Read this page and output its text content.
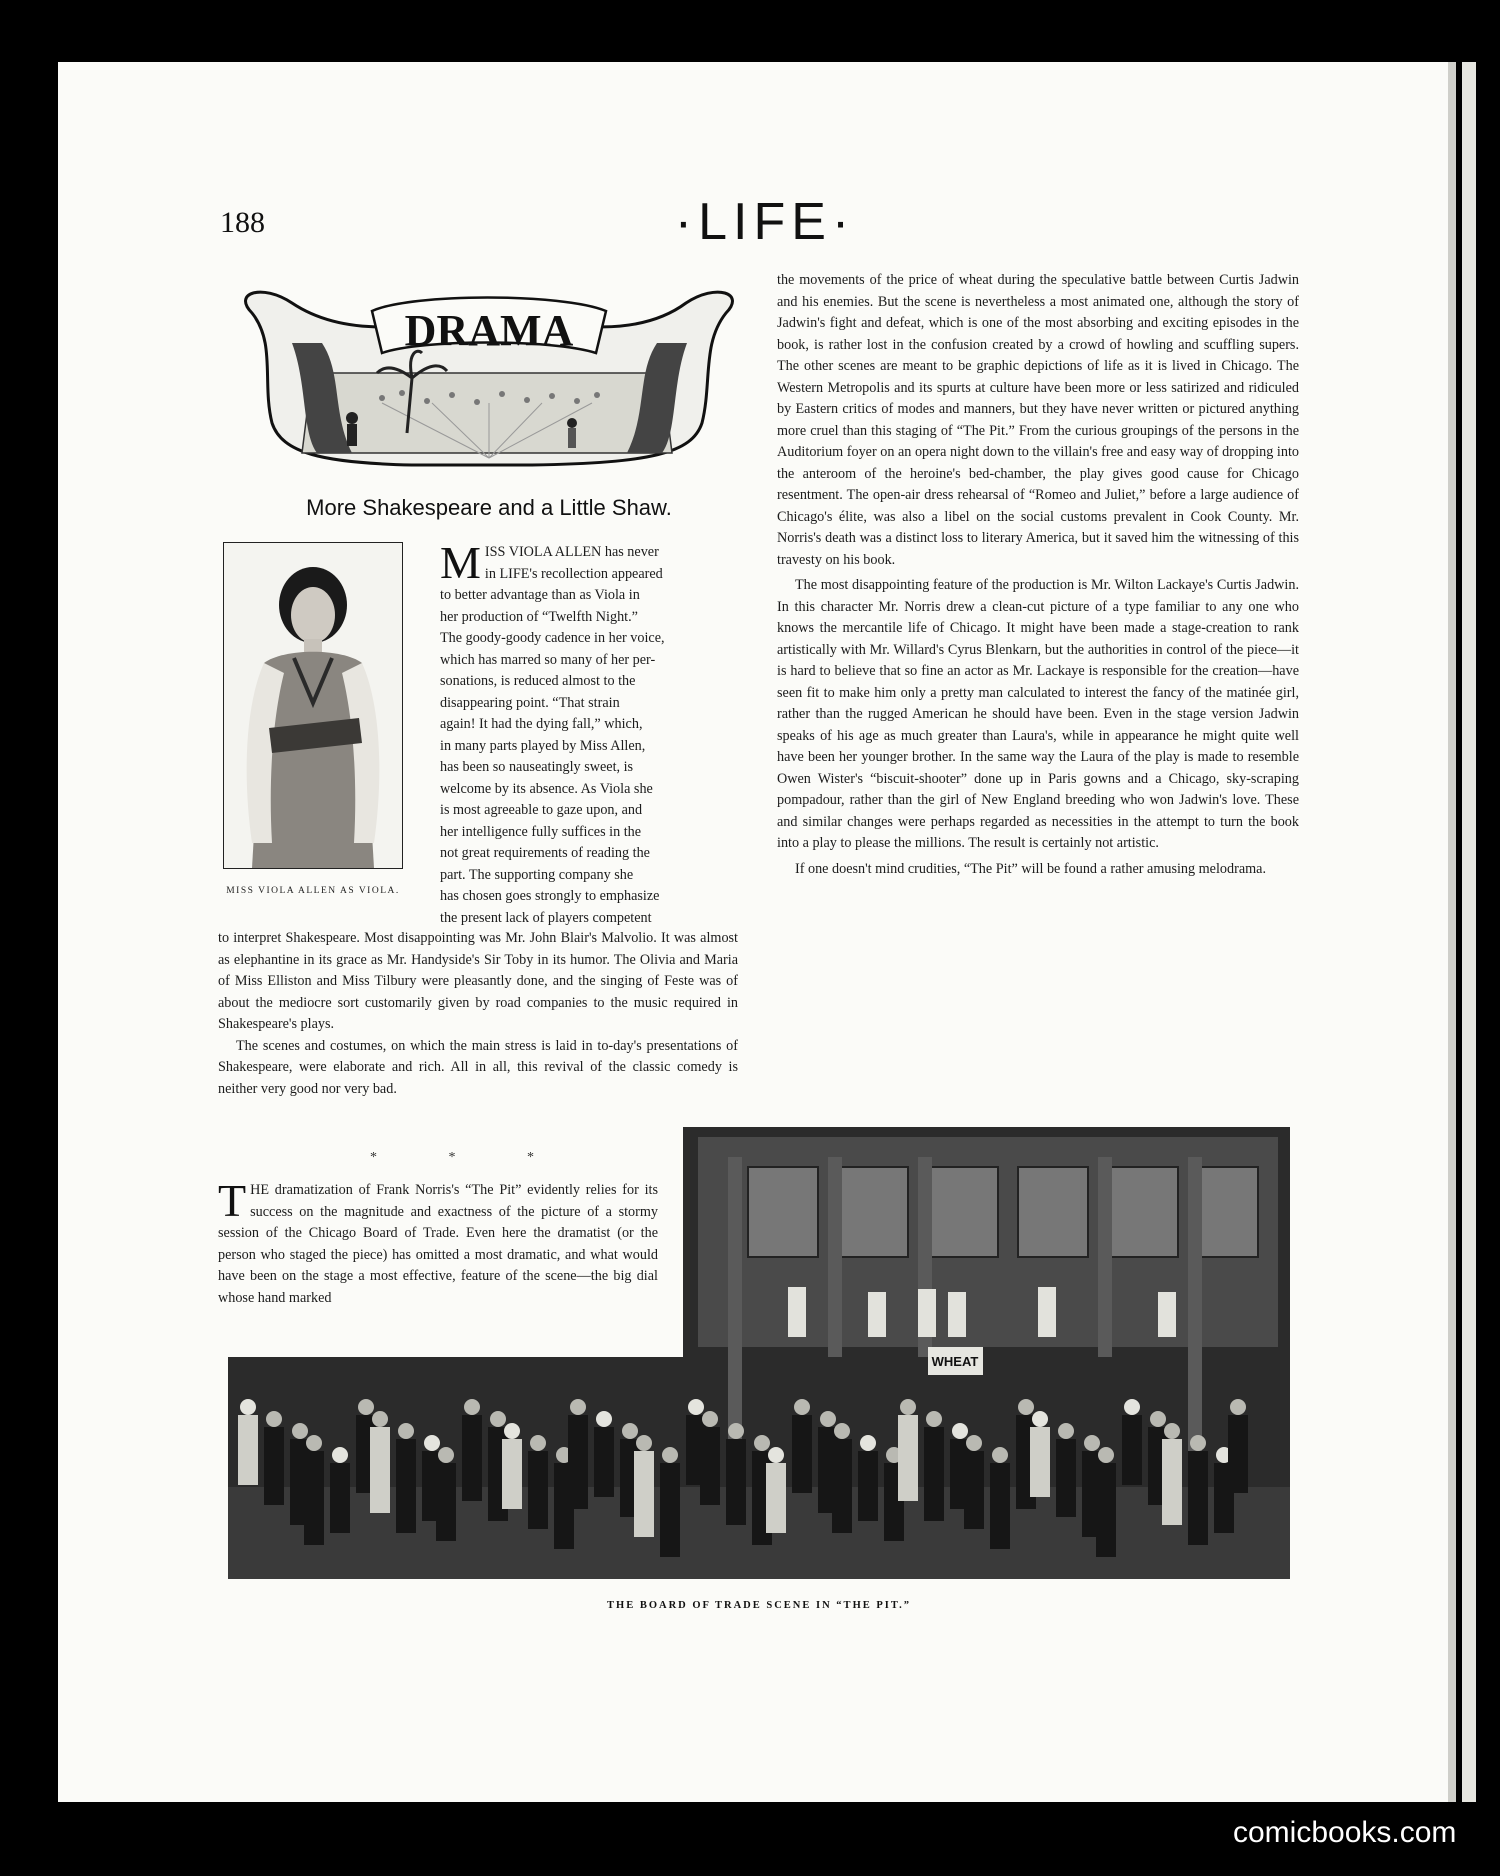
188	·LIFE·
DRAMA
More Shakespeare and a Little Shaw.
MISS VIOLA ALLEN AS VIOLA.
M ISS VIOLA ALLEN has never
in LIFE's recollection appeared
to better advantage than as Viola in
her production of “Twelfth Night.”
The goody-goody cadence in her voice,
which has marred so many of her per-
sonations, is reduced almost to the
disappearing point. “That strain
again! It had the dying fall,” which,
in many parts played by Miss Allen,
has been so nauseatingly sweet, is
welcome by its absence. As Viola she
is most agreeable to gaze upon, and
her intelligence fully suffices in the
not great requirements of reading the
part. The supporting company she
has chosen goes strongly to emphasize
the present lack of players competent

to interpret Shakespeare. Most disappointing was Mr. John Blair's Malvolio. It was almost as elephantine in its grace as Mr. Handyside's Sir Toby in its humor. The Olivia and Maria of Miss Elliston and Miss Tilbury were pleasantly done, and the singing of Feste was of about the mediocre sort customarily given by road companies to the music required in Shakespeare's plays.

The scenes and costumes, on which the main stress is laid in to-day's presentations of Shakespeare, were elaborate and rich. All in all, this revival of the classic comedy is neither very good nor very bad.

* * *
T HE dramatization of Frank Norris's “The Pit” evidently relies for its success on the magnitude and exactness of the picture of a stormy session of the Chicago Board of Trade. Even here the dramatist (or the person who staged the piece) has omitted a most dramatic, and what would have been on the stage a most effective, feature of the scene—the big dial whose hand marked

the movements of the price of wheat during the speculative battle between Curtis Jadwin and his enemies. But the scene is nevertheless a most animated one, although the story of Jadwin's fight and defeat, which is one of the most absorbing and exciting episodes in the book, is rather lost in the confusion created by a crowd of howling and scuffling supers. The other scenes are meant to be graphic depictions of life as it is lived in Chicago. The Western Metropolis and its spurts at culture have been more or less satirized and ridiculed by Eastern critics of modes and manners, but they have never written or pictured anything more cruel than this staging of “The Pit.” From the curious groupings of the persons in the Auditorium foyer on an opera night down to the villain's free and easy way of dropping into the anteroom of the heroine's bed-chamber, the play gives good cause for Chicago resentment. The open-air dress rehearsal of “Romeo and Juliet,” before a large audience of Chicago's élite, was also a libel on the social customs prevalent in Cook County. Mr. Norris's death was a distinct loss to literary America, but it saved him the witnessing of this travesty on his book.

The most disappointing feature of the production is Mr. Wilton Lackaye's Curtis Jadwin. In this character Mr. Norris drew a clean-cut picture of a type familiar to any one who knows the mercantile life of Chicago. It might have been made a stage-creation to rank artistically with Mr. Willard's Cyrus Blenkarn, but the authorities in control of the piece—it is hard to believe that so fine an actor as Mr. Lackaye is responsible for the creation—have seen fit to make him only a pretty man calculated to interest the fancy of the matinée girl, rather than the rugged American he should have been. Even in the stage version Jadwin speaks of his age as much greater than Laura's, while in appearance he might quite well have been her younger brother. In the same way the Laura of the play is made to resemble Owen Wister's “biscuit-shooter” done up in Paris gowns and a Chicago, sky-scraping pompadour, rather than the girl of New England breeding who won Jadwin's love. These and similar changes were perhaps regarded as necessities in the attempt to turn the book into a play to please the millions. The result is certainly not artistic.

If one doesn't mind crudities, “The Pit” will be found a rather amusing melodrama.

WHEAT
THE BOARD OF TRADE SCENE IN “THE PIT.”
comicbooks.com
